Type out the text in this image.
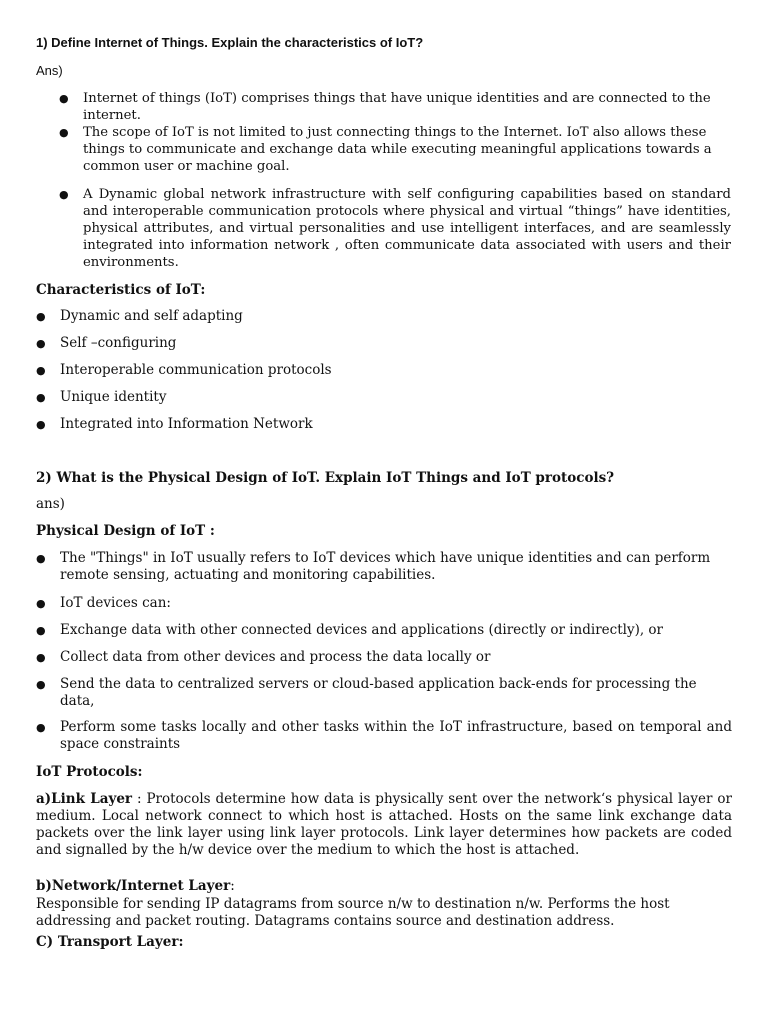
1) Define Internet of Things. Explain the characteristics of IoT?
Ans)
● Internet of things (IoT) comprises things that have unique identities and are connected to the internet.
● The scope of IoT is not limited to just connecting things to the Internet. IoT also allows these things to communicate and exchange data while executing meaningful applications towards a common user or machine goal.
● A Dynamic global network infrastructure with self configuring capabilities based on standard and interoperable communication protocols where physical and virtual “things” have identities, physical attributes, and virtual personalities and use intelligent interfaces, and are seamlessly integrated into information network , often communicate data associated with users and their environments.
Characteristics of IoT:
● Dynamic and self adapting
● Self –configuring
● Interoperable communication protocols
● Unique identity
● Integrated into Information Network
2) What is the Physical Design of IoT. Explain IoT Things and IoT protocols?
ans)
Physical Design of IoT :
● The "Things" in IoT usually refers to IoT devices which have unique identities and can perform remote sensing, actuating and monitoring capabilities.
● IoT devices can:
● Exchange data with other connected devices and applications (directly or indirectly), or
● Collect data from other devices and process the data locally or
● Send the data to centralized servers or cloud-based application back-ends for processing the data,
● Perform some tasks locally and other tasks within the IoT infrastructure, based on temporal and space constraints
IoT Protocols:
a)Link Layer : Protocols determine how data is physically sent over the network‘s physical layer or medium. Local network connect to which host is attached. Hosts on the same link exchange data packets over the link layer using link layer protocols. Link layer determines how packets are coded and signalled by the h/w device over the medium to which the host is attached.
b)Network/Internet Layer:
Responsible for sending IP datagrams from source n/w to destination n/w. Performs the host addressing and packet routing. Datagrams contains source and destination address.
C) Transport Layer:
